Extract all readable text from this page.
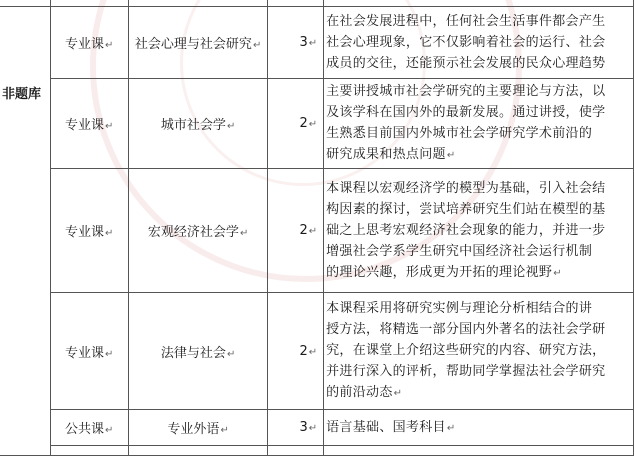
非题库	专业课↵	社会心理与社会研究↵	3↵	在社会发展进程中，任何社会生活事件都会产生
社会心理现象，它不仅影响着社会的运行、社会
成员的交往，还能预示社会发展的民众心理趋势

	专业课↵	城市社会学↵	2↵	主要讲授城市社会学研究的主要理论与方法，以
及该学科在国内外的最新发展。通过讲授，使学
生熟悉目前国内外城市社会学研究学术前沿的
研究成果和热点问题↵

	专业课↵	宏观经济社会学↵	2↵	本课程以宏观经济学的模型为基础，引入社会结
构因素的探讨，尝试培养研究生们站在模型的基
础之上思考宏观经济社会现象的能力，并进一步
增强社会学系学生研究中国经济社会运行机制
的理论兴趣，形成更为开拓的理论视野↵

	专业课↵	法律与社会↵	2↵	本课程采用将研究实例与理论分析相结合的讲
授方法，将精选一部分国内外著名的法社会学研
究，在课堂上介绍这些研究的内容、研究方法，
并进行深入的评析，帮助同学掌握法社会学研究
的前沿动态↵

	公共课↵	专业外语↵	3↵	语言基础、国考科目↵
